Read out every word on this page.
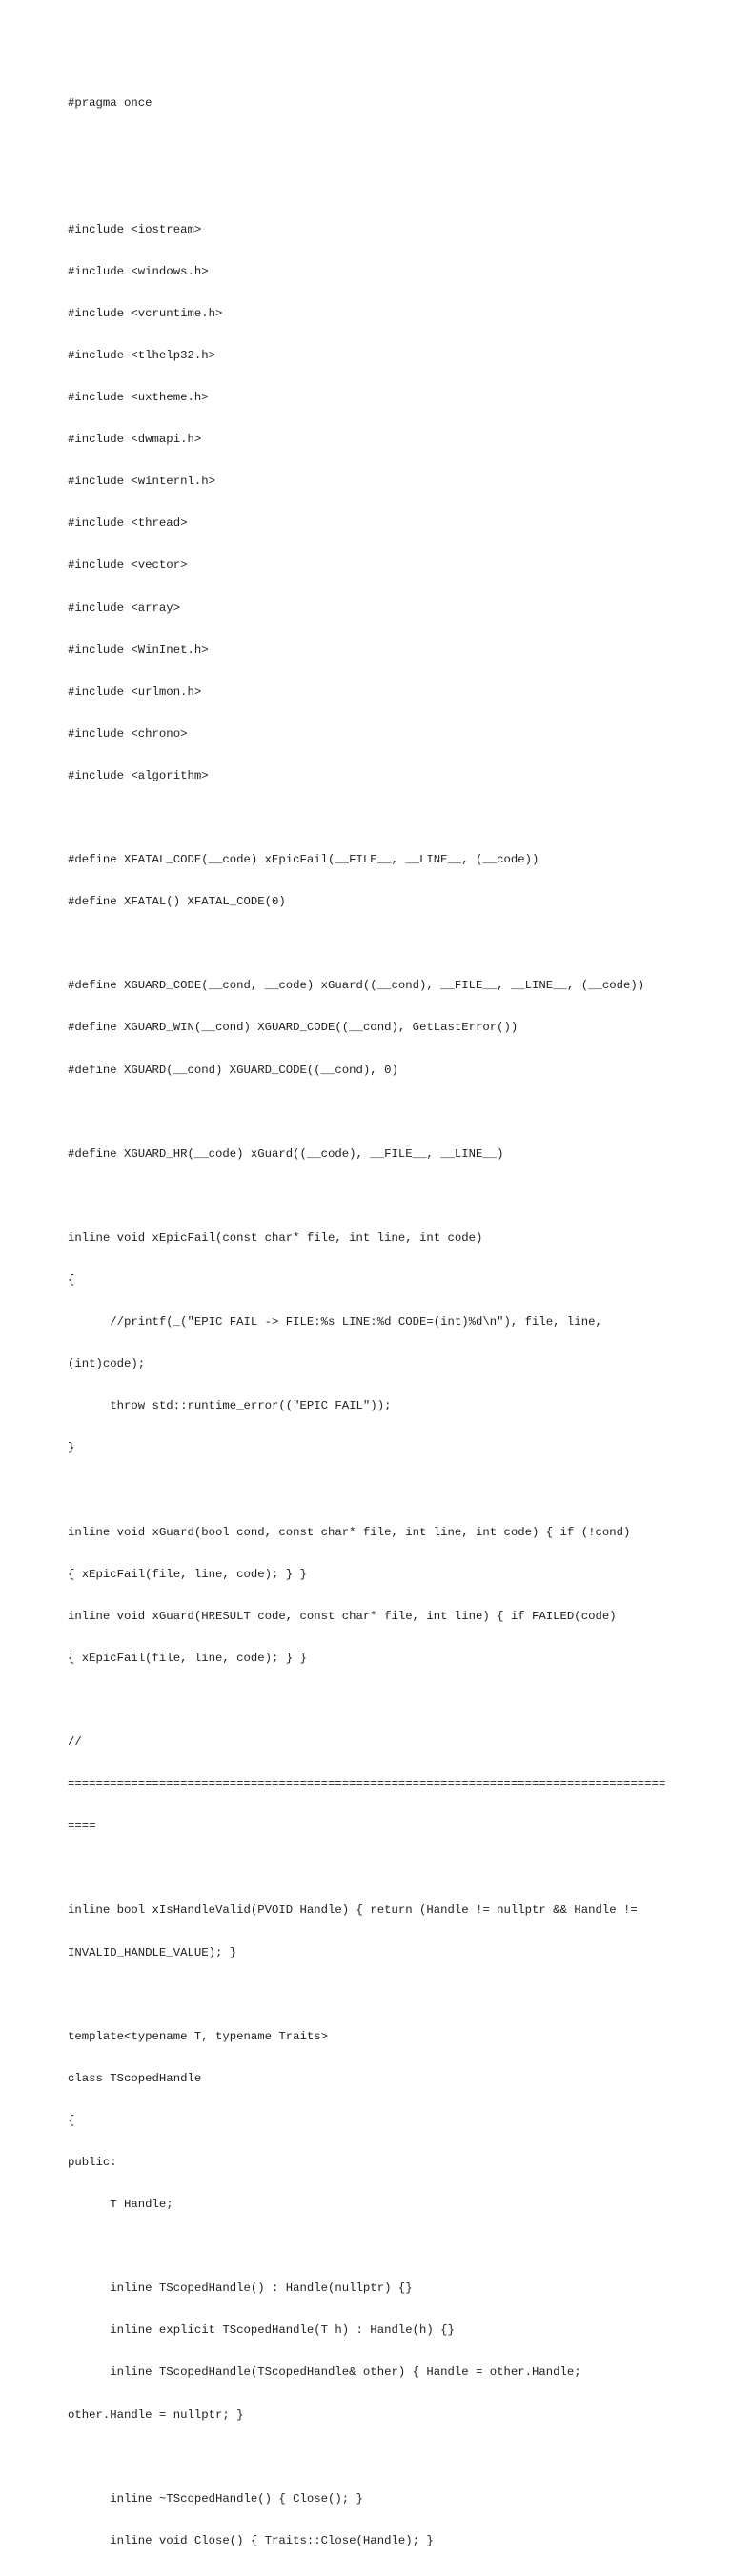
#pragma once

#include <iostream>

#include <windows.h>

#include <vcruntime.h>

#include <tlhelp32.h>

#include <uxtheme.h>

#include <dwmapi.h>

#include <winternl.h>

#include <thread>

#include <vector>

#include <array>

#include <WinInet.h>

#include <urlmon.h>

#include <chrono>

#include <algorithm>

#define XFATAL_CODE(__code) xEpicFail(__FILE__, __LINE__, (__code))

#define XFATAL() XFATAL_CODE(0)

#define XGUARD_CODE(__cond, __code) xGuard((__cond), __FILE__, __LINE__, (__code))

#define XGUARD_WIN(__cond) XGUARD_CODE((__cond), GetLastError())

#define XGUARD(__cond) XGUARD_CODE((__cond), 0)

#define XGUARD_HR(__code) xGuard((__code), __FILE__, __LINE__)

inline void xEpicFail(const char* file, int line, int code)

{

//printf(_("EPIC FAIL -> FILE:%s LINE:%d CODE=(int)%d\n"), file, line,

(int)code);

throw std::runtime_error(("EPIC FAIL"));

}

inline void xGuard(bool cond, const char* file, int line, int code) { if (!cond)

{ xEpicFail(file, line, code); } }

inline void xGuard(HRESULT code, const char* file, int line) { if FAILED(code)

{ xEpicFail(file, line, code); } }

//

=====================================================================================

====

inline bool xIsHandleValid(PVOID Handle) { return (Handle != nullptr && Handle !=

INVALID_HANDLE_VALUE); }

template<typename T, typename Traits>

class TScopedHandle

{

public:

T Handle;

inline TScopedHandle() : Handle(nullptr) {}

inline explicit TScopedHandle(T h) : Handle(h) {}

inline TScopedHandle(TScopedHandle& other) { Handle = other.Handle;

other.Handle = nullptr; }

inline ~TScopedHandle() { Close(); }

inline void Close() { Traits::Close(Handle); }
